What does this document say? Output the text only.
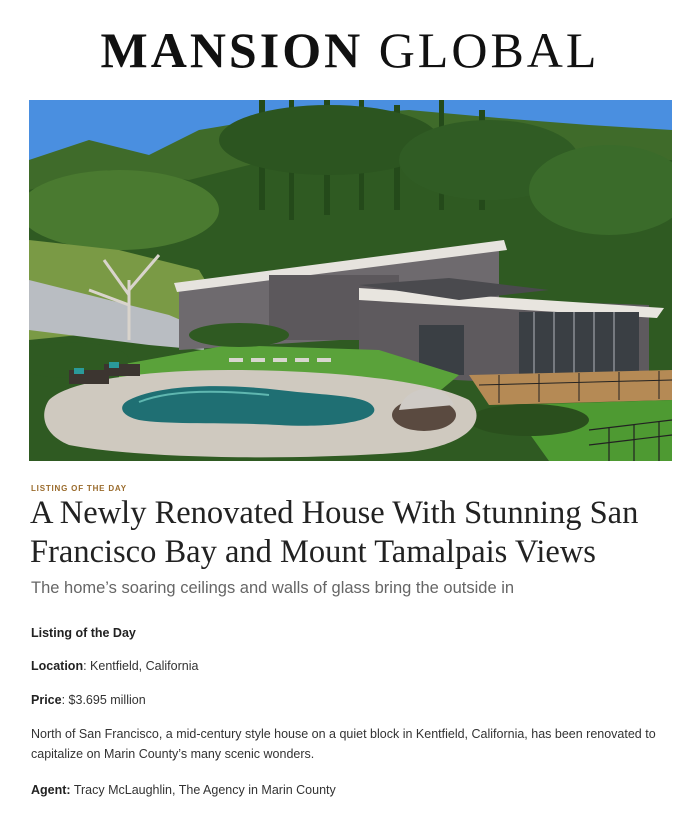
MANSION GLOBAL
LISTING OF THE DAY
A Newly Renovated House With Stunning San Francisco Bay and Mount Tamalpais Views
The home’s soaring ceilings and walls of glass bring the outside in
Listing of the Day
Location: Kentfield, California
Price: $3.695 million
North of San Francisco, a mid-century style house on a quiet block in Kentfield, California, has been renovated to capitalize on Marin County’s many scenic wonders.
Agent: Tracy McLaughlin, The Agency in Marin County
